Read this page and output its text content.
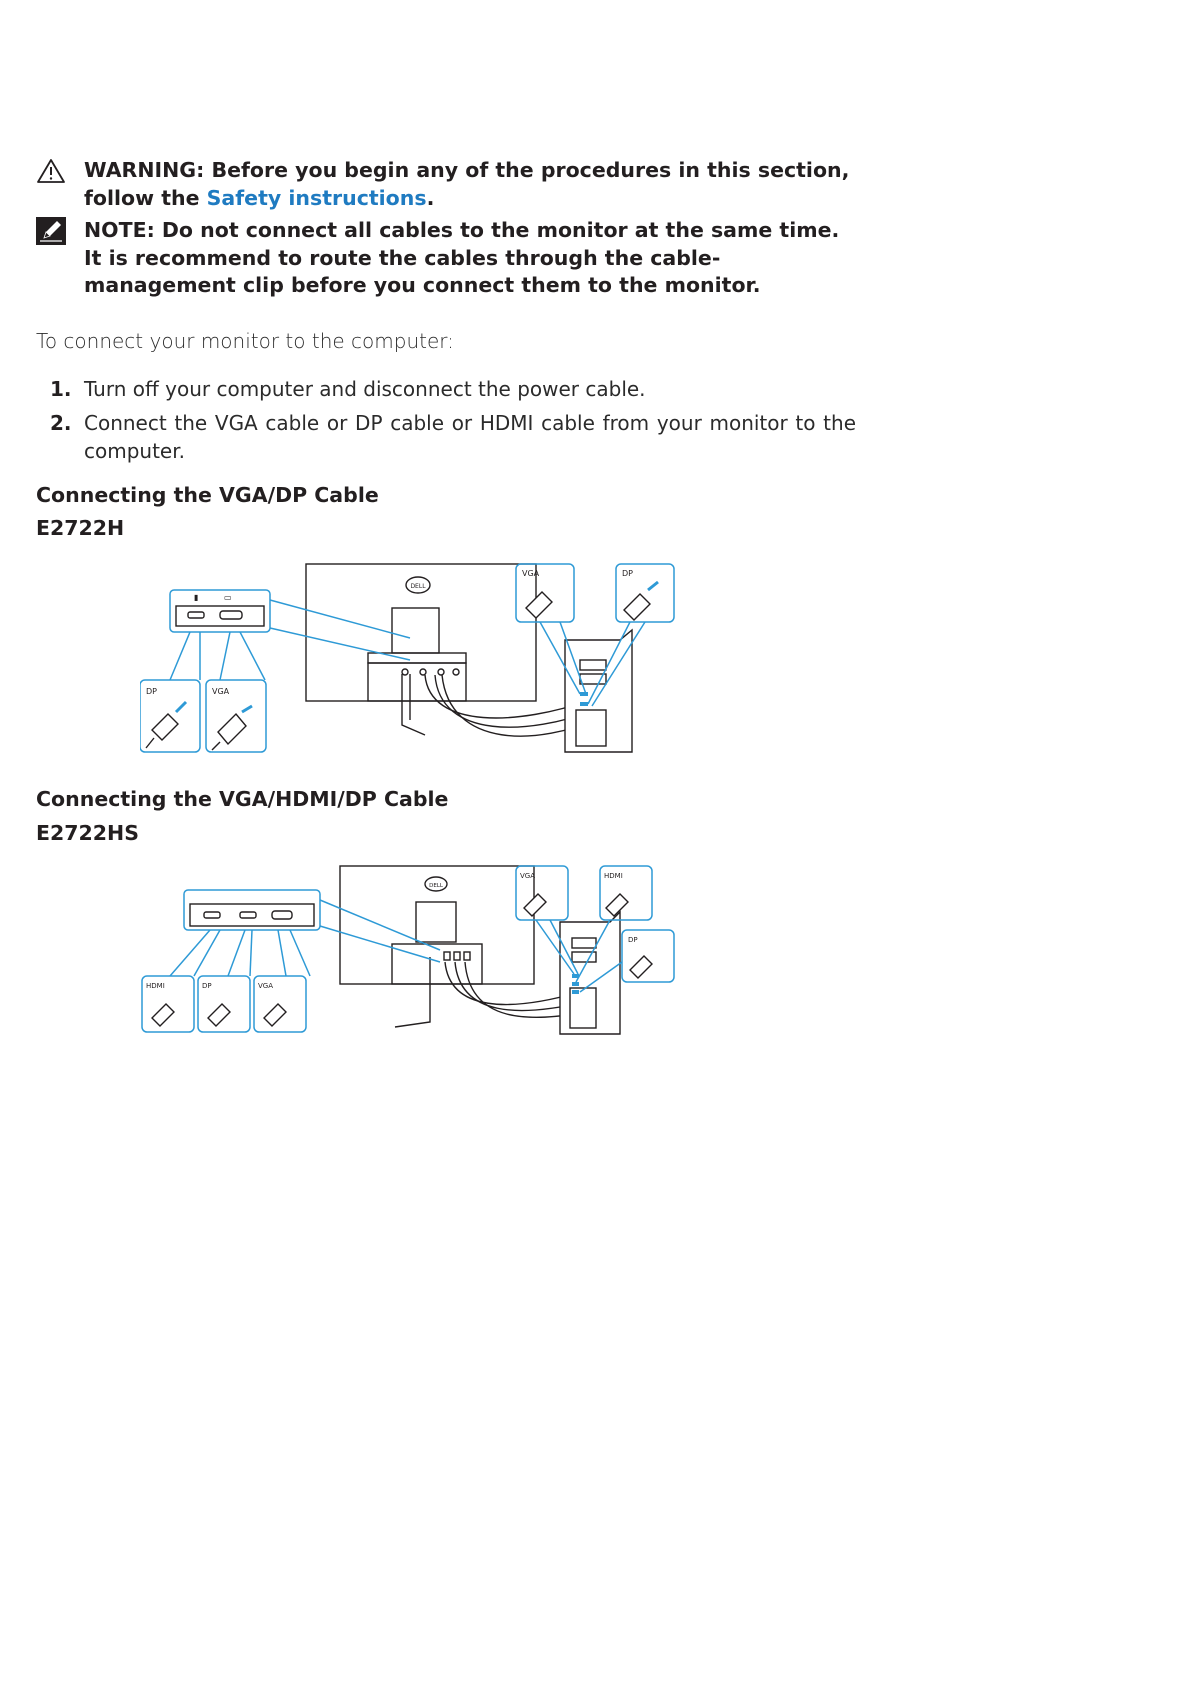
WARNING: Before you begin any of the procedures in this section, follow the Safety instructions.
NOTE: Do not connect all cables to the monitor at the same time. It is recommend to route the cables through the cable-management clip before you connect them to the monitor.
To connect your monitor to the computer:
1. Turn off your computer and disconnect the power cable.
2. Connect the VGA cable or DP cable or HDMI cable from your monitor to the computer.
Connecting the VGA/DP Cable
E2722H
DELL
▮	▭
DP	VGA
VGA	DP
Connecting the VGA/HDMI/DP Cable
E2722HS
DELL
HDMI	DP	VGA
VGA	HDMI
DP
